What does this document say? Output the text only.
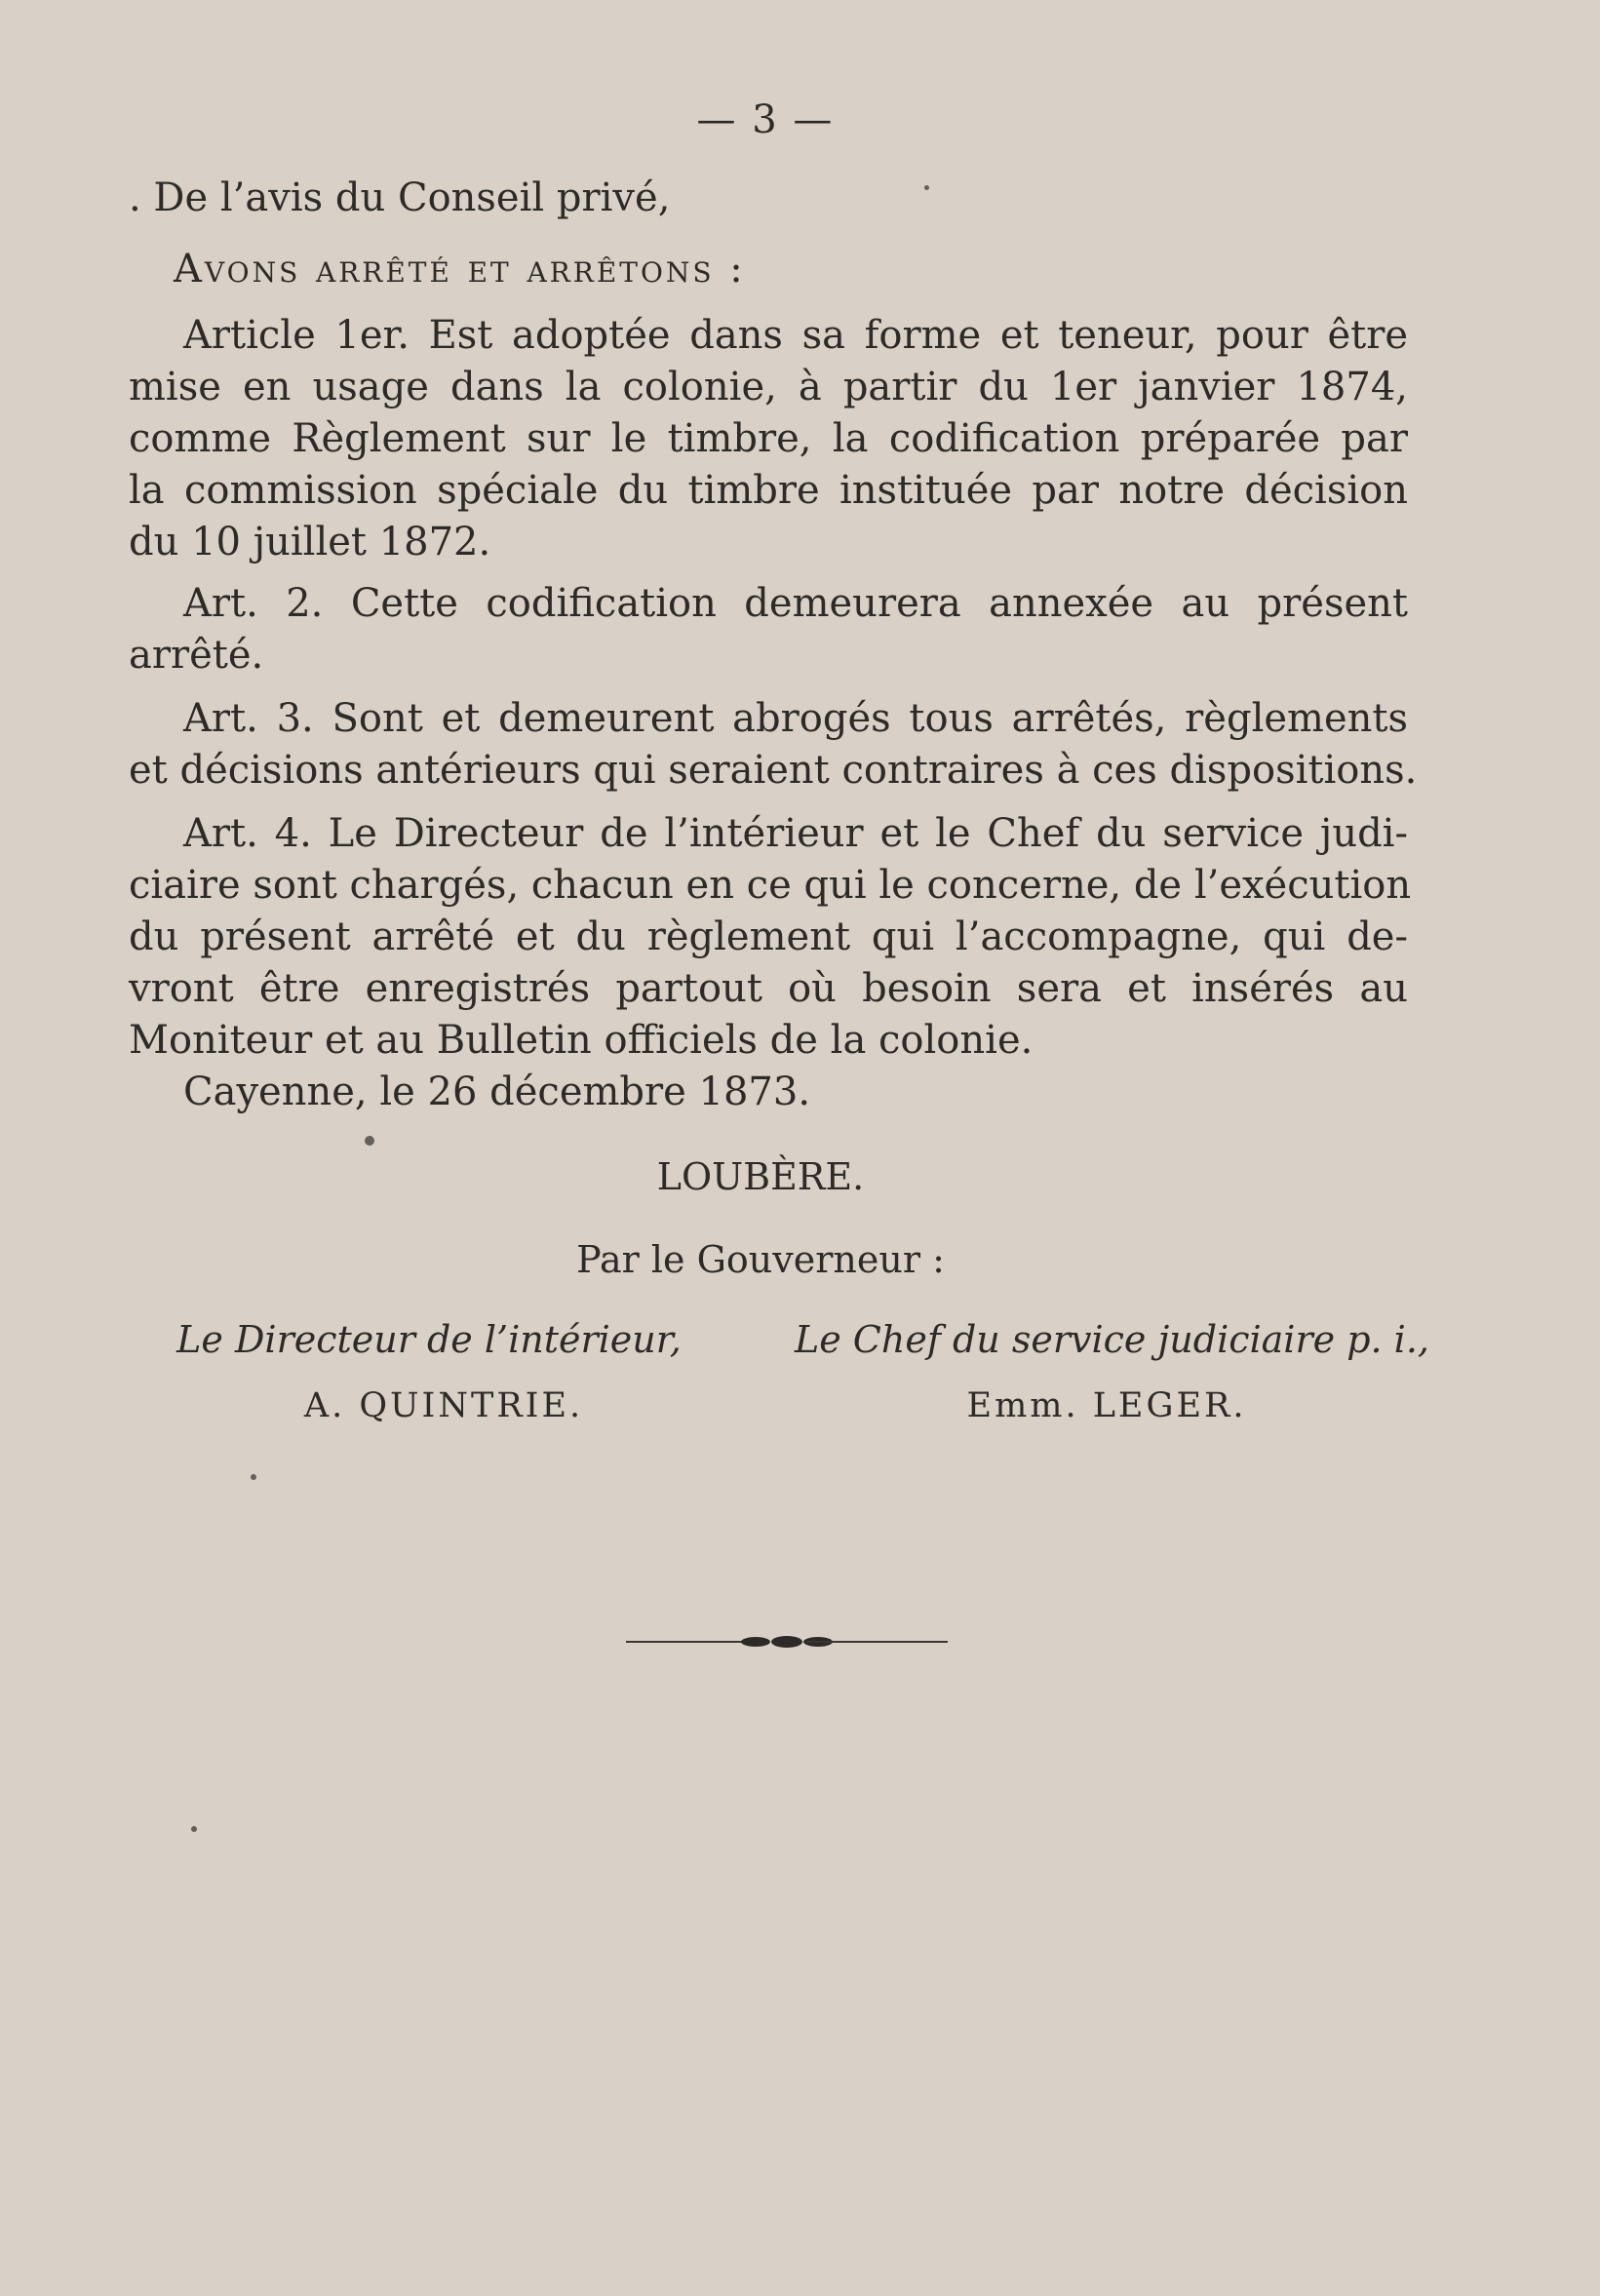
— 3 —
. De l’avis du Conseil privé,
Avons arrêté et arrêtons :
Article 1er. Est adoptée dans sa forme et teneur, pour être
mise en usage dans la colonie, à partir du 1er janvier 1874,
comme Règlement sur le timbre, la codification préparée par
la commission spéciale du timbre instituée par notre décision
du 10 juillet 1872.
Art. 2. Cette codification demeurera annexée au présent
arrêté.
Art. 3. Sont et demeurent abrogés tous arrêtés, règlements
et décisions antérieurs qui seraient contraires à ces dispositions.
Art. 4. Le Directeur de l’intérieur et le Chef du service judi-
ciaire sont chargés, chacun en ce qui le concerne, de l’exécution
du présent arrêté et du règlement qui l’accompagne, qui de-
vront être enregistrés partout où besoin sera et insérés au
Moniteur et au Bulletin officiels de la colonie.
Cayenne, le 26 décembre 1873.
LOUBÈRE.
Par le Gouverneur :
Le Directeur de l’intérieur,
A. QUINTRIE.
Le Chef du service judiciaire p. i.,
Emm. LEGER.
